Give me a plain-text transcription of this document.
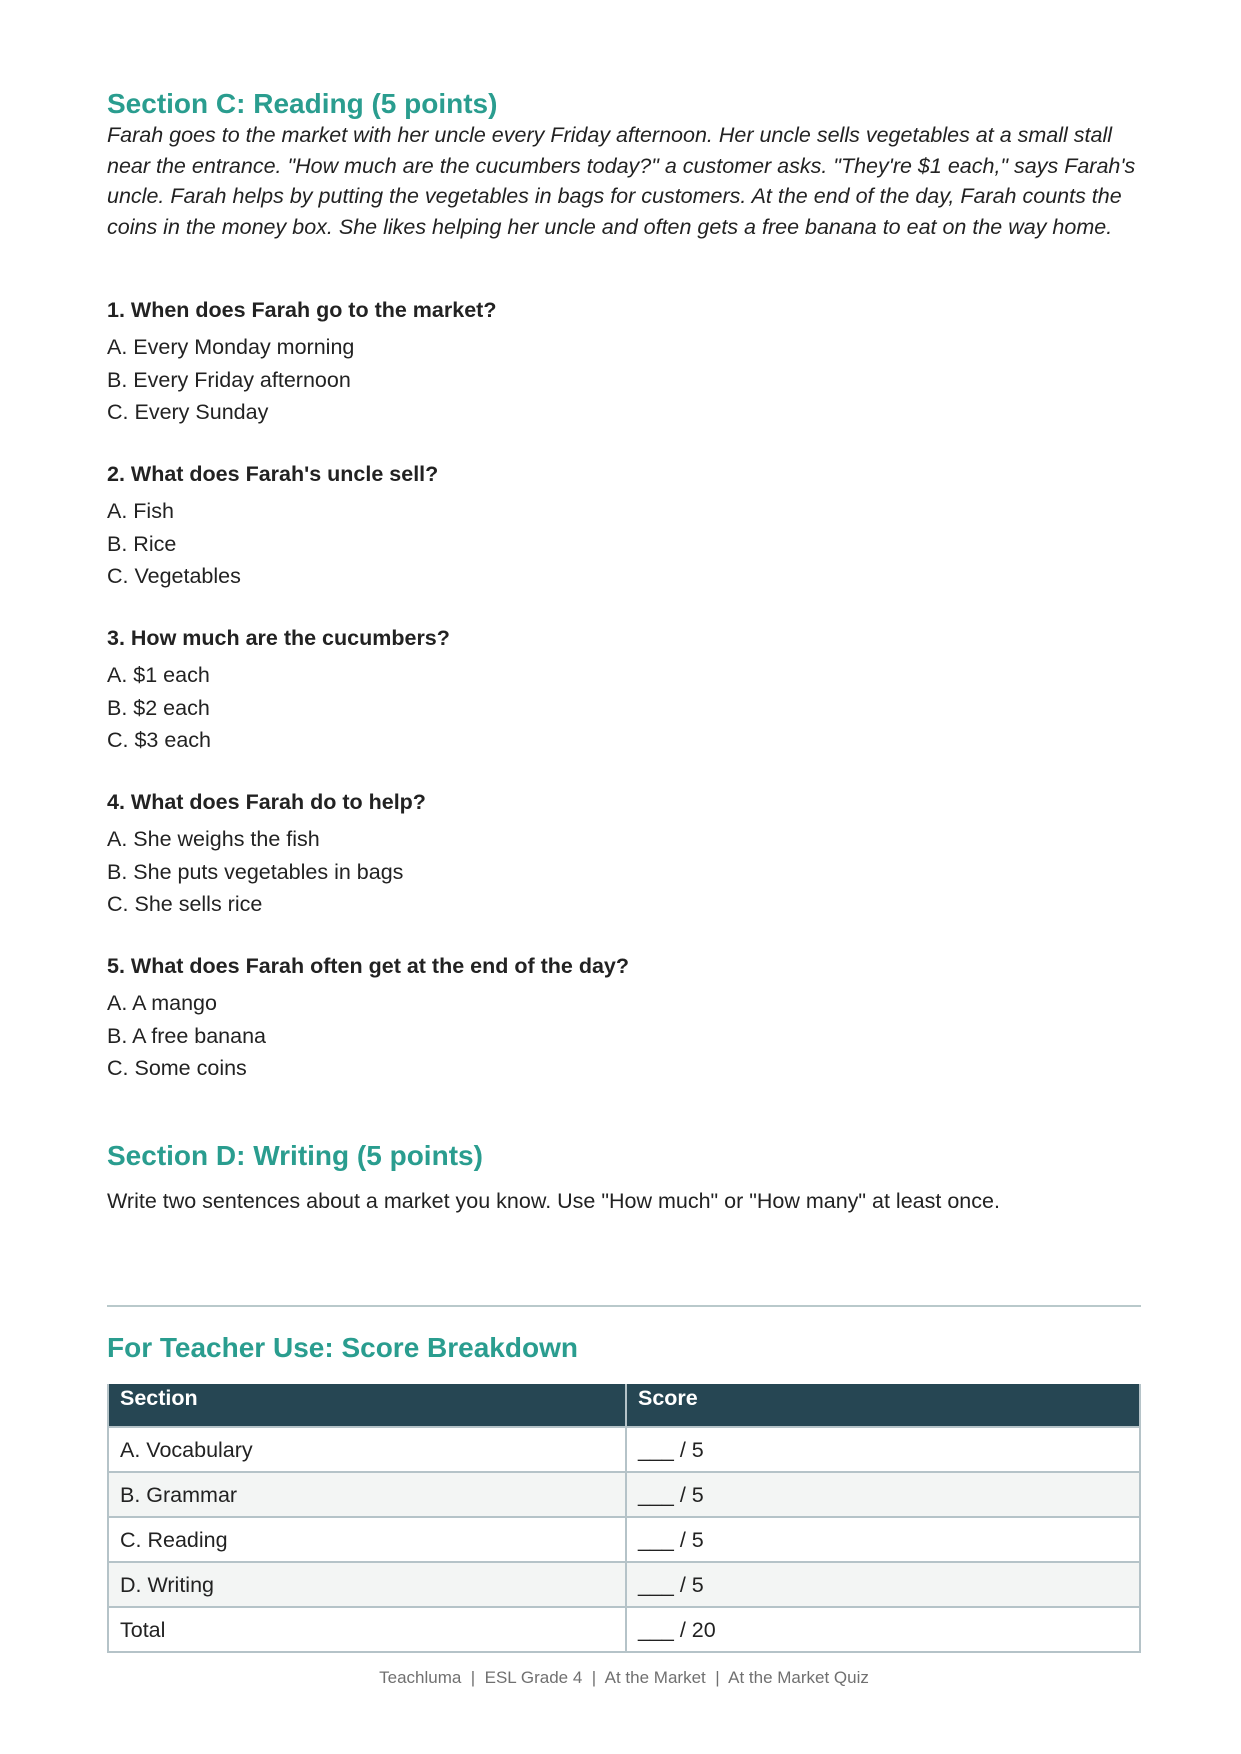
Section C: Reading (5 points)

Farah goes to the market with her uncle every Friday afternoon. Her uncle sells vegetables at a small stall near the entrance. "How much are the cucumbers today?" a customer asks. "They're $1 each," says Farah's uncle. Farah helps by putting the vegetables in bags for customers. At the end of the day, Farah counts the coins in the money box. She likes helping her uncle and often gets a free banana to eat on the way home.

1. When does Farah go to the market?

A. Every Monday morning

B. Every Friday afternoon

C. Every Sunday

2. What does Farah's uncle sell?

A. Fish

B. Rice

C. Vegetables

3. How much are the cucumbers?

A. $1 each

B. $2 each

C. $3 each

4. What does Farah do to help?

A. She weighs the fish

B. She puts vegetables in bags

C. She sells rice

5. What does Farah often get at the end of the day?

A. A mango

B. A free banana

C. Some coins

Section D: Writing (5 points)

Write two sentences about a market you know. Use "How much" or "How many" at least once.

For Teacher Use: Score Breakdown
Section	Score
A. Vocabulary	___ / 5
B. Grammar	___ / 5
C. Reading	___ / 5
D. Writing	___ / 5
Total	___ / 20

Teachluma  |  ESL Grade 4  |  At the Market  |  At the Market Quiz
